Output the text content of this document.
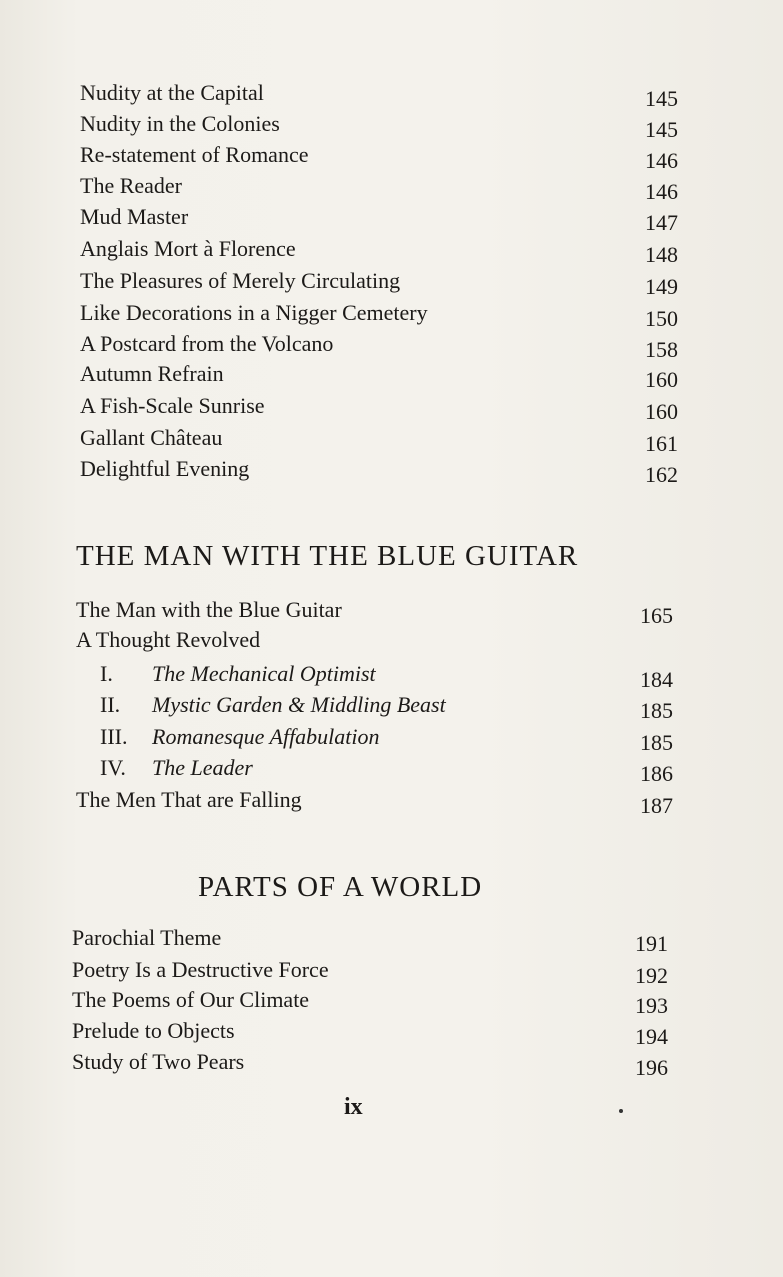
Nudity at the Capital	145
Nudity in the Colonies	145
Re-statement of Romance	146
The Reader	146
Mud Master	147
Anglais Mort à Florence	148
The Pleasures of Merely Circulating	149
Like Decorations in a Nigger Cemetery	150
A Postcard from the Volcano	158
Autumn Refrain	160
A Fish-Scale Sunrise	160
Gallant Château	161
Delightful Evening	162
THE MAN WITH THE BLUE GUITAR
The Man with the Blue Guitar	165
A Thought Revolved
I. The Mechanical Optimist	184
II. Mystic Garden & Middling Beast	185
III. Romanesque Affabulation	185
IV. The Leader	186
The Men That are Falling	187
PARTS OF A WORLD
Parochial Theme	191
Poetry Is a Destructive Force	192
The Poems of Our Climate	193
Prelude to Objects	194
Study of Two Pears	196
ix
